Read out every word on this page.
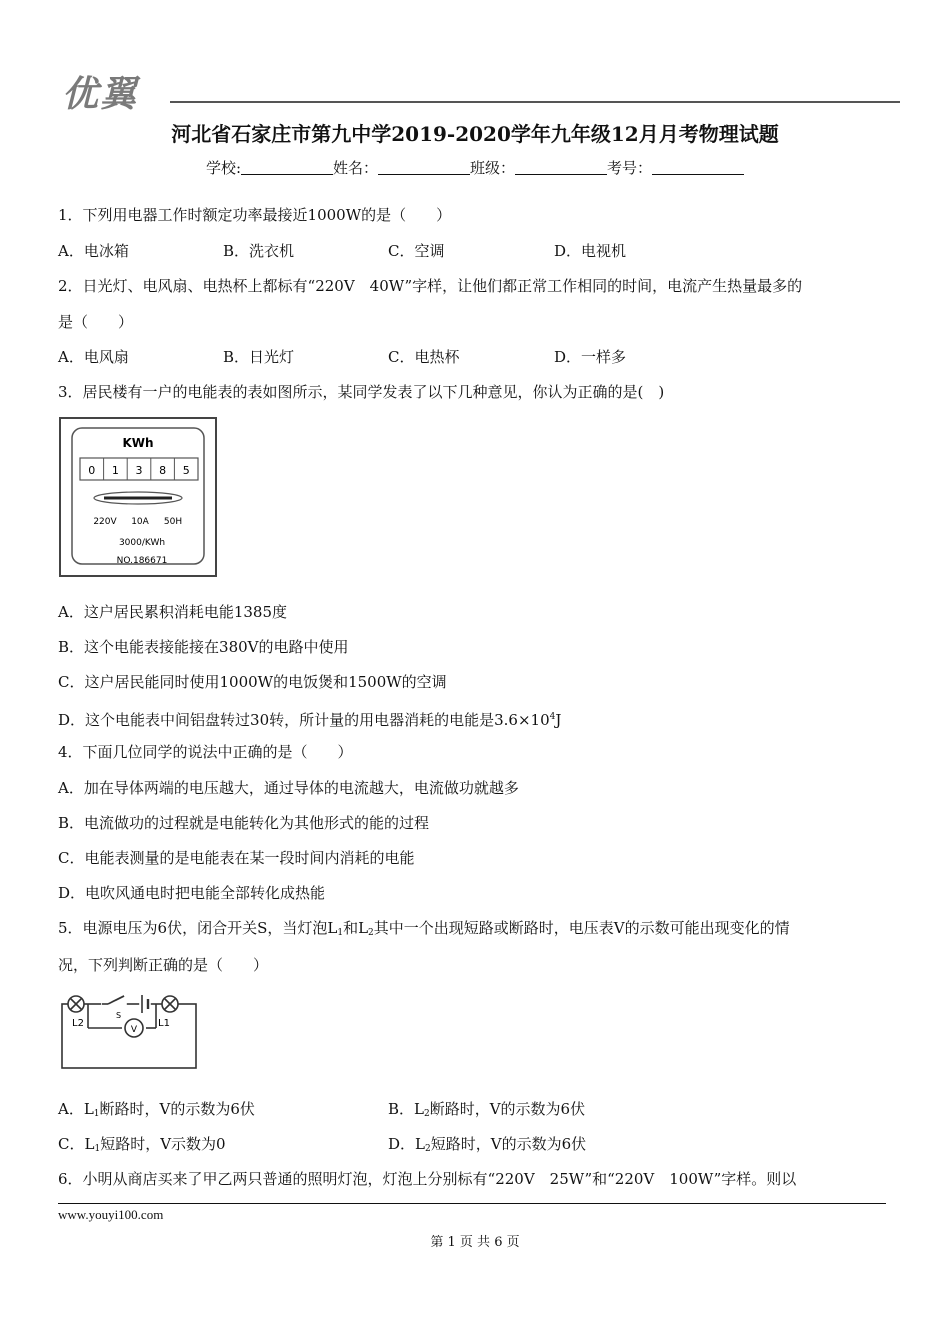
优翼
河北省石家庄市第九中学2019-2020学年九年级12月月考物理试题
学校:	姓名：	班级：	考号：
1．下列用电器工作时额定功率最接近1000W的是（　　）
A．电冰箱	B．洗衣机	C．空调	D．电视机
2．日光灯、电风扇、电热杯上都标有“220V　40W”字样，让他们都正常工作相同的时间，电流产生热量最多的
是（　　）
A．电风扇	B．日光灯	C．电热杯	D．一样多
3．居民楼有一户的电能表的表如图所示，某同学发表了以下几种意见，你认为正确的是(　)
KWh
0 1 3 8 5
220V 10A 50H
3000/KWh
NO.186671
A．这户居民累积消耗电能1385度
B．这个电能表接能接在380V的电路中使用
C．这户居民能同时使用1000W的电饭煲和1500W的空调
D．这个电能表中间铝盘转过30转，所计量的用电器消耗的电能是$3.6\times 10^4J$
4．下面几位同学的说法中正确的是（　　）
A．加在导体两端的电压越大，通过导体的电流越大，电流做功就越多
B．电流做功的过程就是电能转化为其他形式的能的过程
C．电能表测量的是电能表在某一段时间内消耗的电能
D．电吹风通电时把电能全部转化成热能
5．电源电压为6伏，闭合开关S，当灯泡$L_1$和$L_2$其中一个出现短路或断路时，电压表V的示数可能出现变化的情
况，下列判断正确的是（　　）
V
L2
S
L1
A．$L_1$断路时，V的示数为6伏	B．$L_2$断路时，V的示数为6伏
C．$L_1$短路时，V示数为0	D．$L_2$短路时，V的示数为6伏
6．小明从商店买来了甲乙两只普通的照明灯泡，灯泡上分别标有“220V　25W”和“220V　100W”字样。则以
www.youyi100.com
第 1 页 共 6 页
